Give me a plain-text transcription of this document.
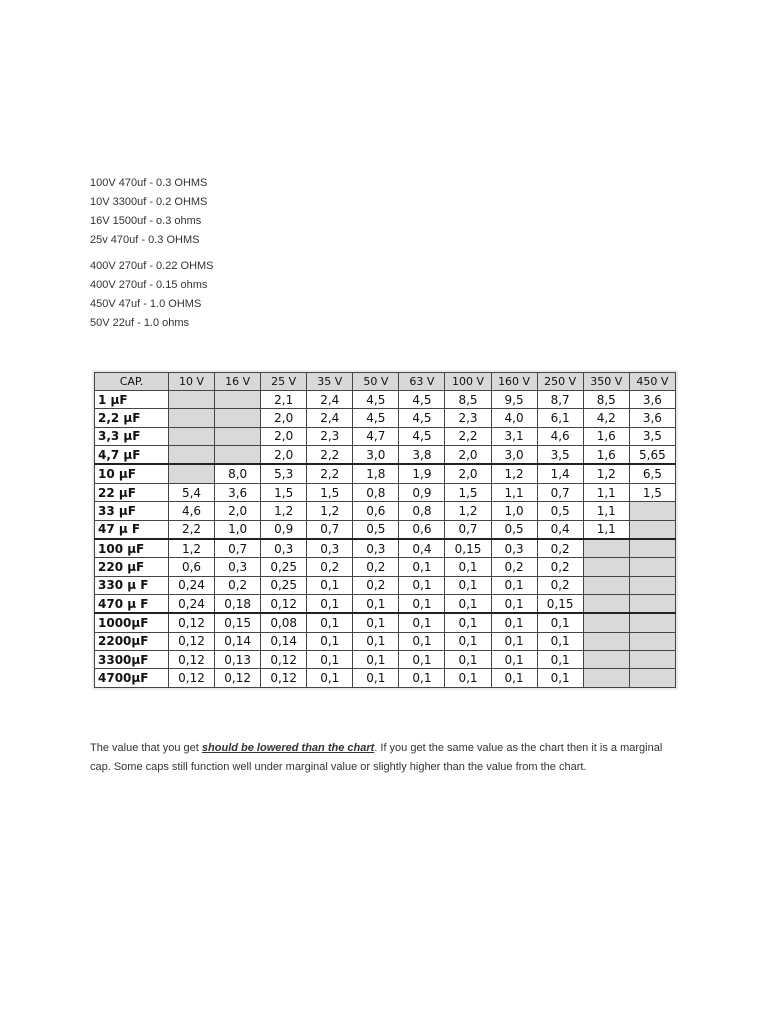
100V 470uf - 0.3 OHMS
10V 3300uf - 0.2 OHMS
16V 1500uf - o.3 ohms
25v 470uf - 0.3 OHMS
400V 270uf - 0.22 OHMS
400V 270uf - 0.15 ohms
450V 47uf - 1.0 OHMS
50V 22uf - 1.0 ohms
CAP.	10 V	16 V	25 V	35 V	50 V	63 V	100 V	160 V	250 V	350 V	450 V
1 µF			2,1	2,4	4,5	4,5	8,5	9,5	8,7	8,5	3,6
2,2 µF			2,0	2,4	4,5	4,5	2,3	4,0	6,1	4,2	3,6
3,3 µF			2,0	2,3	4,7	4,5	2,2	3,1	4,6	1,6	3,5
4,7 µF			2,0	2,2	3,0	3,8	2,0	3,0	3,5	1,6	5,65
10 µF		8,0	5,3	2,2	1,8	1,9	2,0	1,2	1,4	1,2	6,5
22 µF	5,4	3,6	1,5	1,5	0,8	0,9	1,5	1,1	0,7	1,1	1,5
33 µF	4,6	2,0	1,2	1,2	0,6	0,8	1,2	1,0	0,5	1,1	
47 µ F	2,2	1,0	0,9	0,7	0,5	0,6	0,7	0,5	0,4	1,1	
100 µF	1,2	0,7	0,3	0,3	0,3	0,4	0,15	0,3	0,2		
220 µF	0,6	0,3	0,25	0,2	0,2	0,1	0,1	0,2	0,2		
330 µ F	0,24	0,2	0,25	0,1	0,2	0,1	0,1	0,1	0,2		
470 µ F	0,24	0,18	0,12	0,1	0,1	0,1	0,1	0,1	0,15		
1000µF	0,12	0,15	0,08	0,1	0,1	0,1	0,1	0,1	0,1		
2200µF	0,12	0,14	0,14	0,1	0,1	0,1	0,1	0,1	0,1		
3300µF	0,12	0,13	0,12	0,1	0,1	0,1	0,1	0,1	0,1		
4700µF	0,12	0,12	0,12	0,1	0,1	0,1	0,1	0,1	0,1		
The value that you get should be lowered than the chart. If you get the same value as the chart then it is a marginal cap. Some caps still function well under marginal value or slightly higher than the value from the chart.
